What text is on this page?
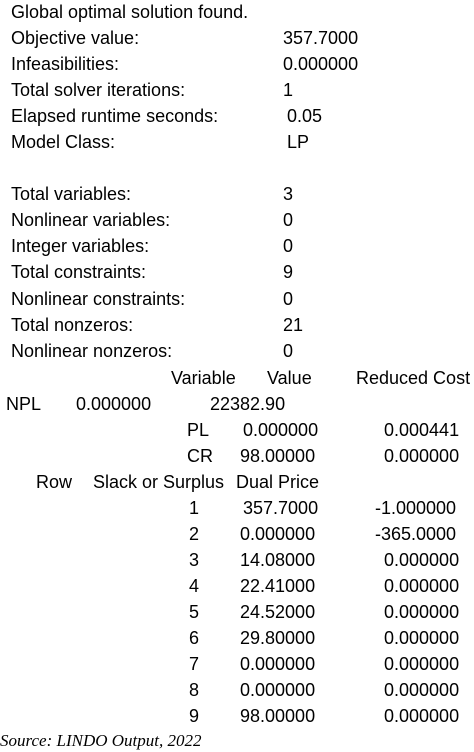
Global optimal solution found.
Objective value:	357.7000
Infeasibilities:	0.000000
Total solver iterations:	1
Elapsed runtime seconds:	0.05
Model Class:	LP
Total variables:	3
Nonlinear variables:	0
Integer variables:	0
Total constraints:	9
Nonlinear constraints:	0
Total nonzeros:	21
Nonlinear nonzeros:	0
Variable Value Reduced Cost
NPL 0.000000	22382.90
PL 0.000000	0.000441
CR 98.00000	0.000000
Row Slack or Surplus Dual Price
1 357.7000	-1.000000
2 0.000000	-365.0000
3 14.08000	0.000000
4 22.41000	0.000000
5 24.52000	0.000000
6 29.80000	0.000000
7 0.000000	0.000000
8 0.000000	0.000000
9 98.00000	0.000000
Source: LINDO Output, 2022
